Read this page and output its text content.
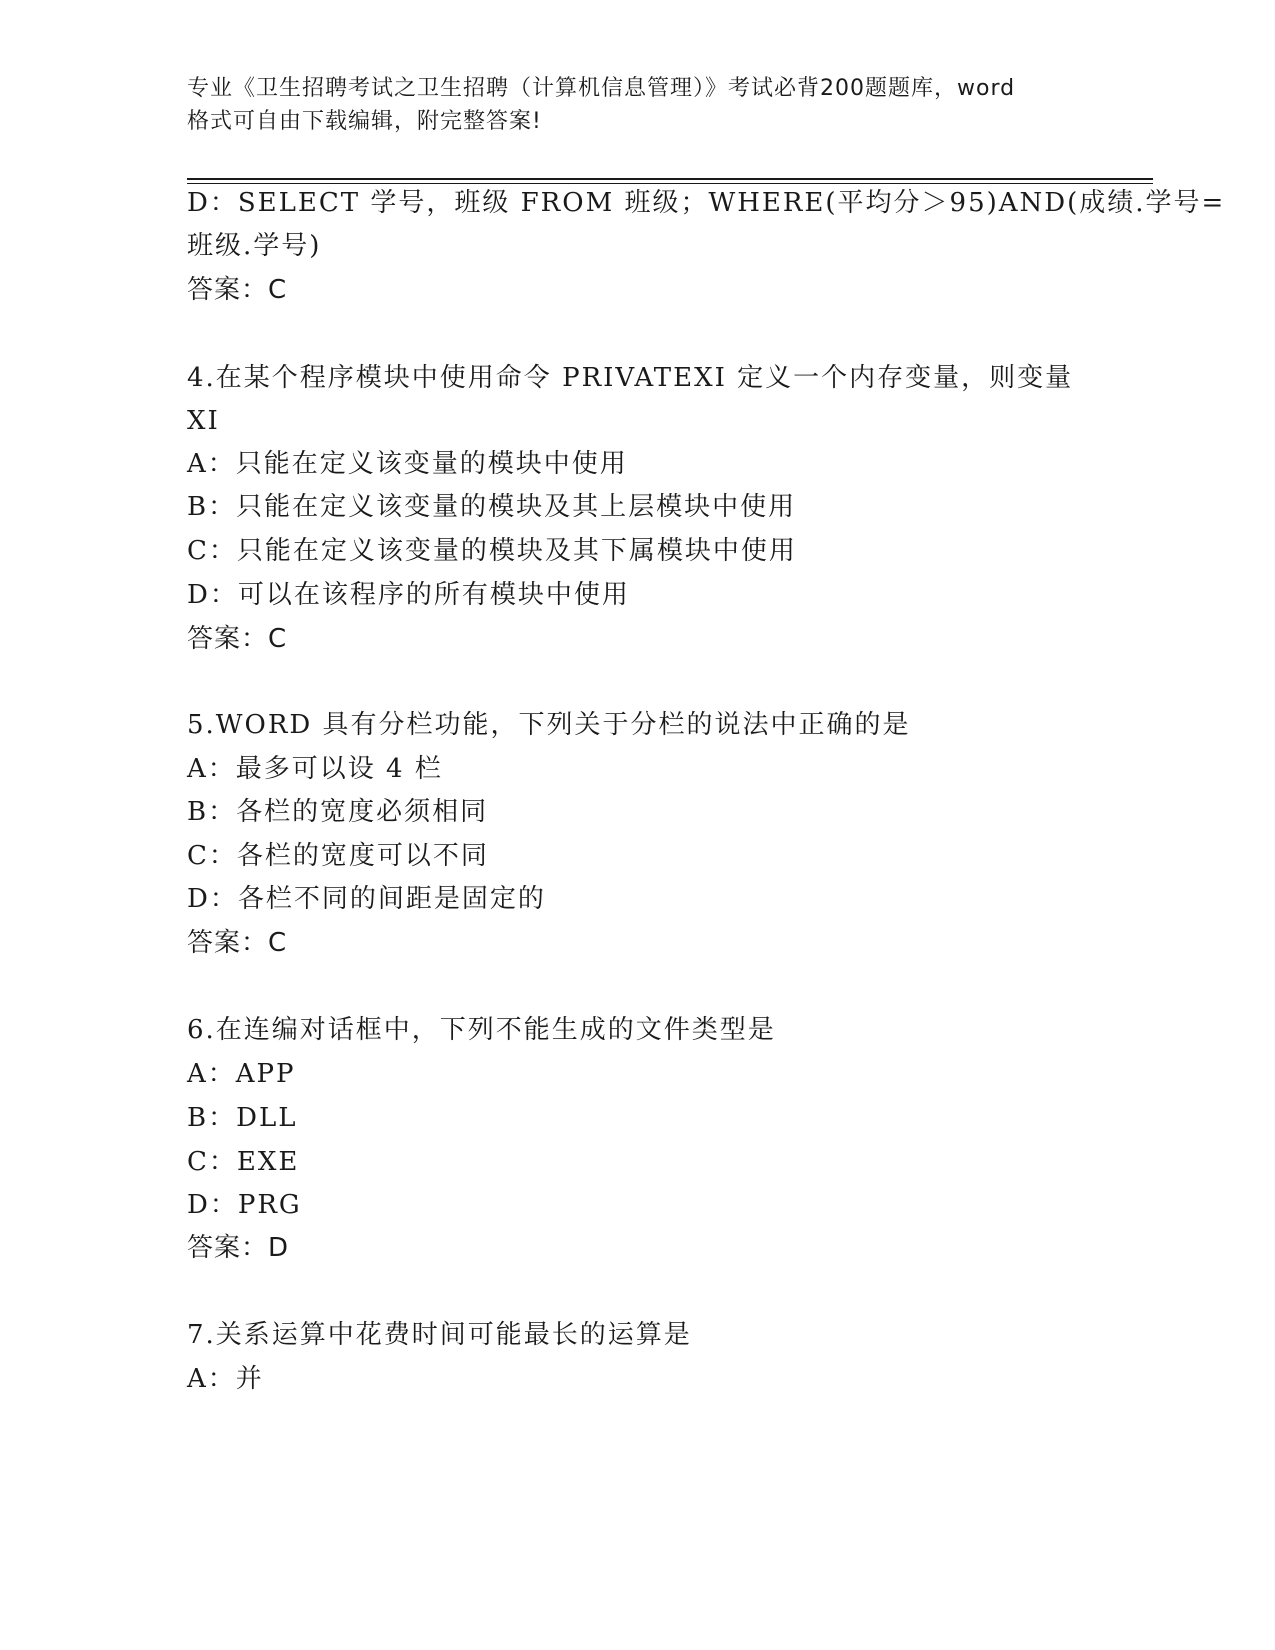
专业《卫生招聘考试之卫生招聘（计算机信息管理）》考试必背200题题库，word
格式可自由下载编辑，附完整答案!
D：SELECT 学号，班级 FROM 班级；WHERE(平均分＞95)AND(成绩.学号=
班级.学号)
答案：C
4.在某个程序模块中使用命令 PRIVATEXI 定义一个内存变量，则变量
XI
A：只能在定义该变量的模块中使用
B：只能在定义该变量的模块及其上层模块中使用
C：只能在定义该变量的模块及其下属模块中使用
D：可以在该程序的所有模块中使用
答案：C
5.WORD 具有分栏功能，下列关于分栏的说法中正确的是
A：最多可以设 4 栏
B：各栏的宽度必须相同
C：各栏的宽度可以不同
D：各栏不同的间距是固定的
答案：C
6.在连编对话框中，下列不能生成的文件类型是
A：APP
B：DLL
C：EXE
D：PRG
答案：D
7.关系运算中花费时间可能最长的运算是
A：并
